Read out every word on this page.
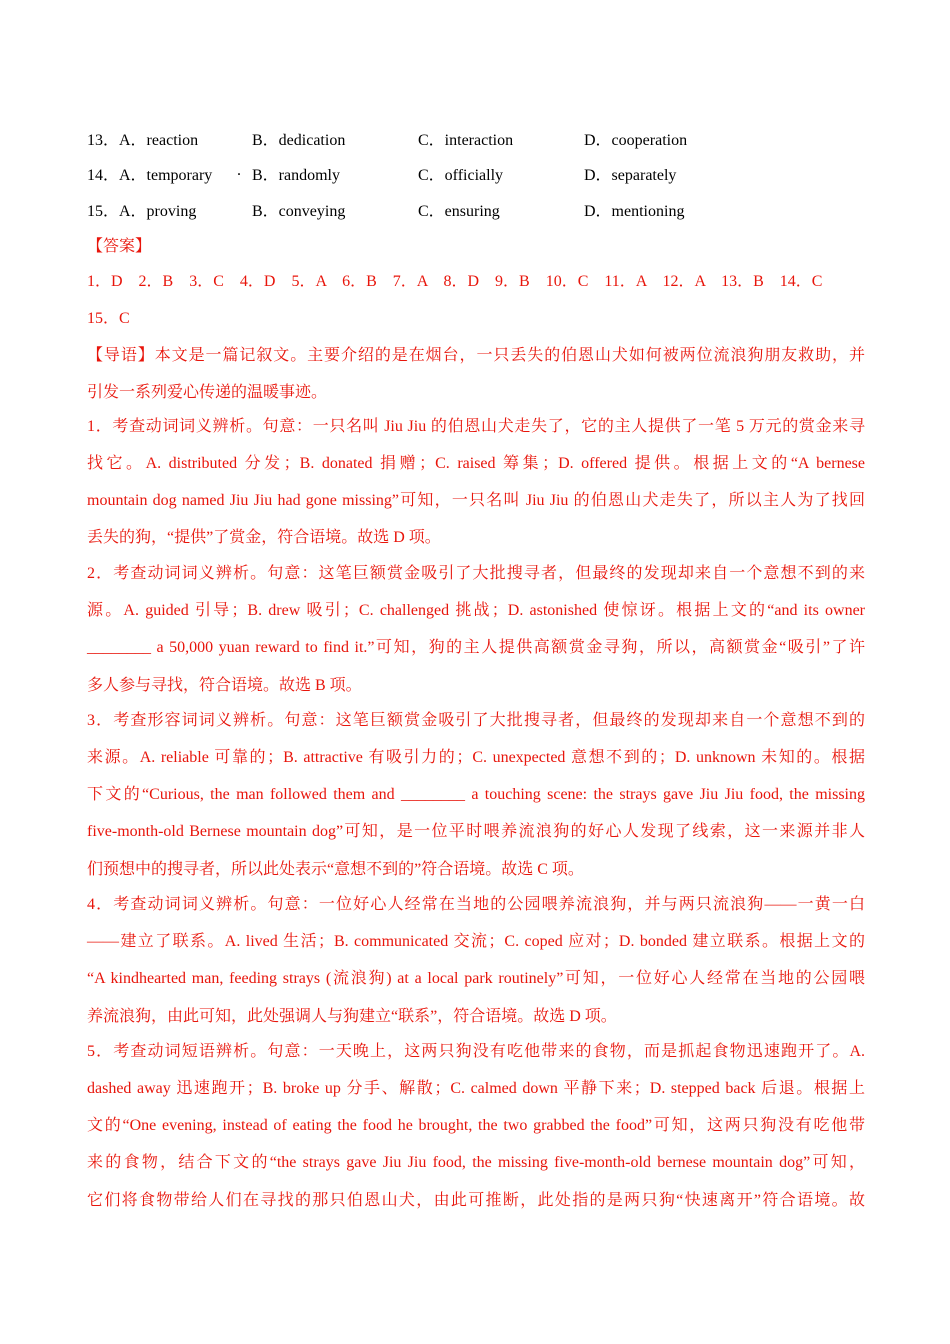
13． A．reaction	B．dedication	C．interaction	D．cooperation
14． A．temporary . B．randomly	C．officially	D．separately
15． A．proving	B．conveying	C．ensuring	D．mentioning
【答案】
1．D　2．B　3．C　4．D　5．A　6．B　7．A　8．D　9．B　10．C　11．A　12．A　13．B　14．C
15．C
【导语】本文是一篇记叙文。主要介绍的是在烟台，一只丢失的伯恩山犬如何被两位流浪狗朋友救助，并
引发一系列爱心传递的温暖事迹。
1．考查动词词义辨析。句意：一只名叫 Jiu Jiu 的伯恩山犬走失了，它的主人提供了一笔 5 万元的赏金来寻
找它。A. distributed 分发；B. donated 捐赠；C. raised 筹集；D. offered 提供。根据上文的“A bernese
mountain dog named Jiu Jiu had gone missing”可知，一只名叫 Jiu Jiu 的伯恩山犬走失了，所以主人为了找回
丢失的狗，“提供”了赏金，符合语境。故选 D 项。
2．考查动词词义辨析。句意：这笔巨额赏金吸引了大批搜寻者，但最终的发现却来自一个意想不到的来
源。A. guided 引导；B. drew 吸引；C. challenged 挑战；D. astonished 使惊讶。根据上文的“and its owner
________ a 50,000 yuan reward to find it.”可知，狗的主人提供高额赏金寻狗，所以，高额赏金“吸引”了许
多人参与寻找，符合语境。故选 B 项。
3．考查形容词词义辨析。句意：这笔巨额赏金吸引了大批搜寻者，但最终的发现却来自一个意想不到的
来源。A. reliable 可靠的；B. attractive 有吸引力的；C. unexpected 意想不到的；D. unknown 未知的。根据
下文的“Curious, the man followed them and ________ a touching scene: the strays gave Jiu Jiu food, the missing
five-month-old Bernese mountain dog”可知，是一位平时喂养流浪狗的好心人发现了线索，这一来源并非人
们预想中的搜寻者，所以此处表示“意想不到的”符合语境。故选 C 项。
4．考查动词词义辨析。句意：一位好心人经常在当地的公园喂养流浪狗，并与两只流浪狗——一黄一白
——建立了联系。A. lived 生活；B. communicated 交流；C. coped 应对；D. bonded 建立联系。根据上文的
“A kindhearted man, feeding strays (流浪狗) at a local park routinely”可知，一位好心人经常在当地的公园喂
养流浪狗，由此可知，此处强调人与狗建立“联系”，符合语境。故选 D 项。
5．考查动词短语辨析。句意：一天晚上，这两只狗没有吃他带来的食物，而是抓起食物迅速跑开了。A.
dashed away 迅速跑开；B. broke up 分手、解散；C. calmed down 平静下来；D. stepped back 后退。根据上
文的“One evening, instead of eating the food he brought, the two grabbed the food”可知，这两只狗没有吃他带
来的食物，结合下文的“the strays gave Jiu Jiu food, the missing five-month-old bernese mountain dog”可知，
它们将食物带给人们在寻找的那只伯恩山犬，由此可推断，此处指的是两只狗“快速离开”符合语境。故
